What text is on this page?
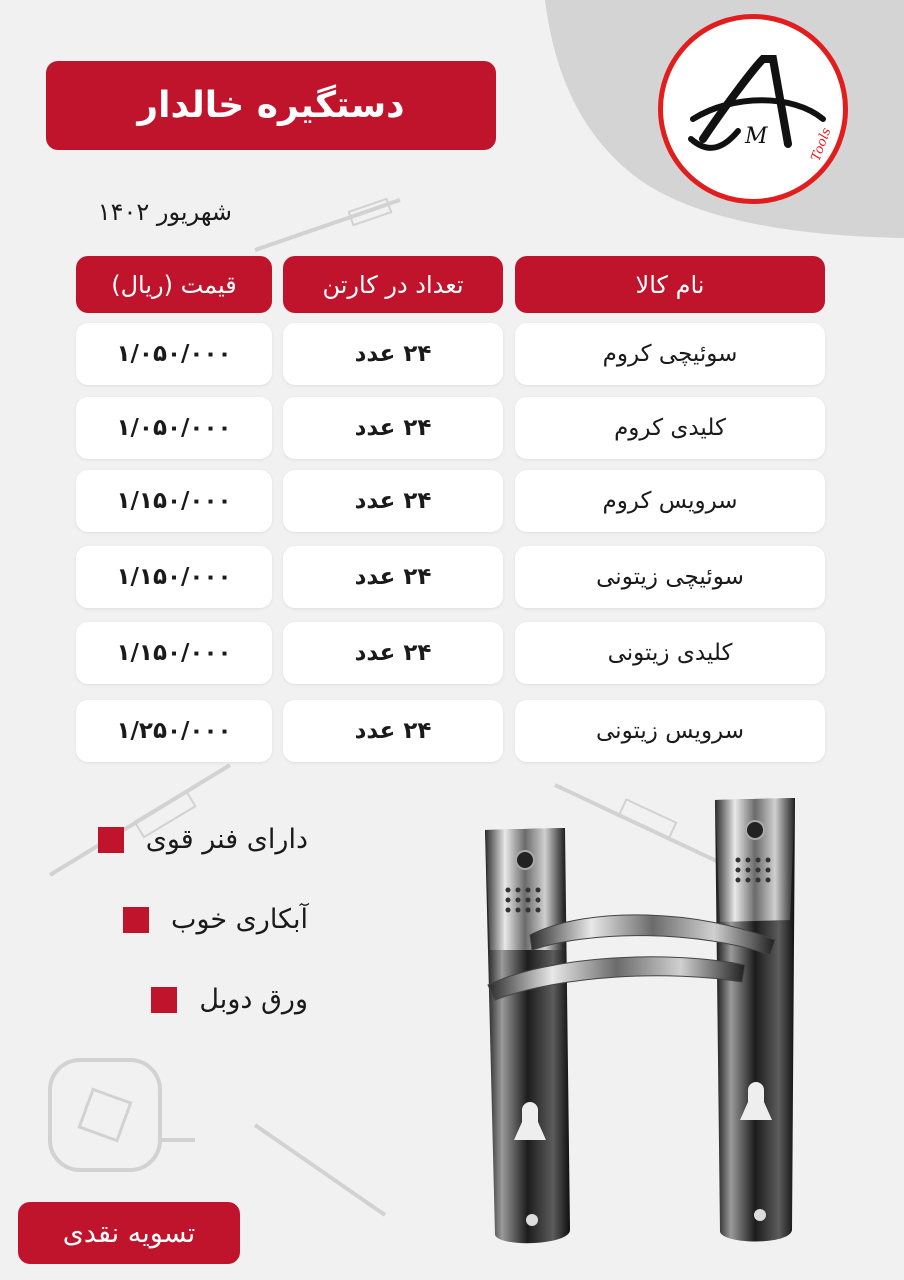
M	Tools
دستگیره خالدار
شهریور ۱۴۰۲
نام کالا
تعداد در کارتن
قیمت (ریال)
سوئیچی کروم
۲۴ عدد
۱/۰۵۰/۰۰۰
کلیدی کروم
۲۴ عدد
۱/۰۵۰/۰۰۰
سرویس کروم
۲۴ عدد
۱/۱۵۰/۰۰۰
سوئیچی زیتونی
۲۴ عدد
۱/۱۵۰/۰۰۰
کلیدی زیتونی
۲۴ عدد
۱/۱۵۰/۰۰۰
سرویس زیتونی
۲۴ عدد
۱/۲۵۰/۰۰۰
دارای فنر قوی
آبکاری خوب
ورق دوبل
تسویه نقدی
